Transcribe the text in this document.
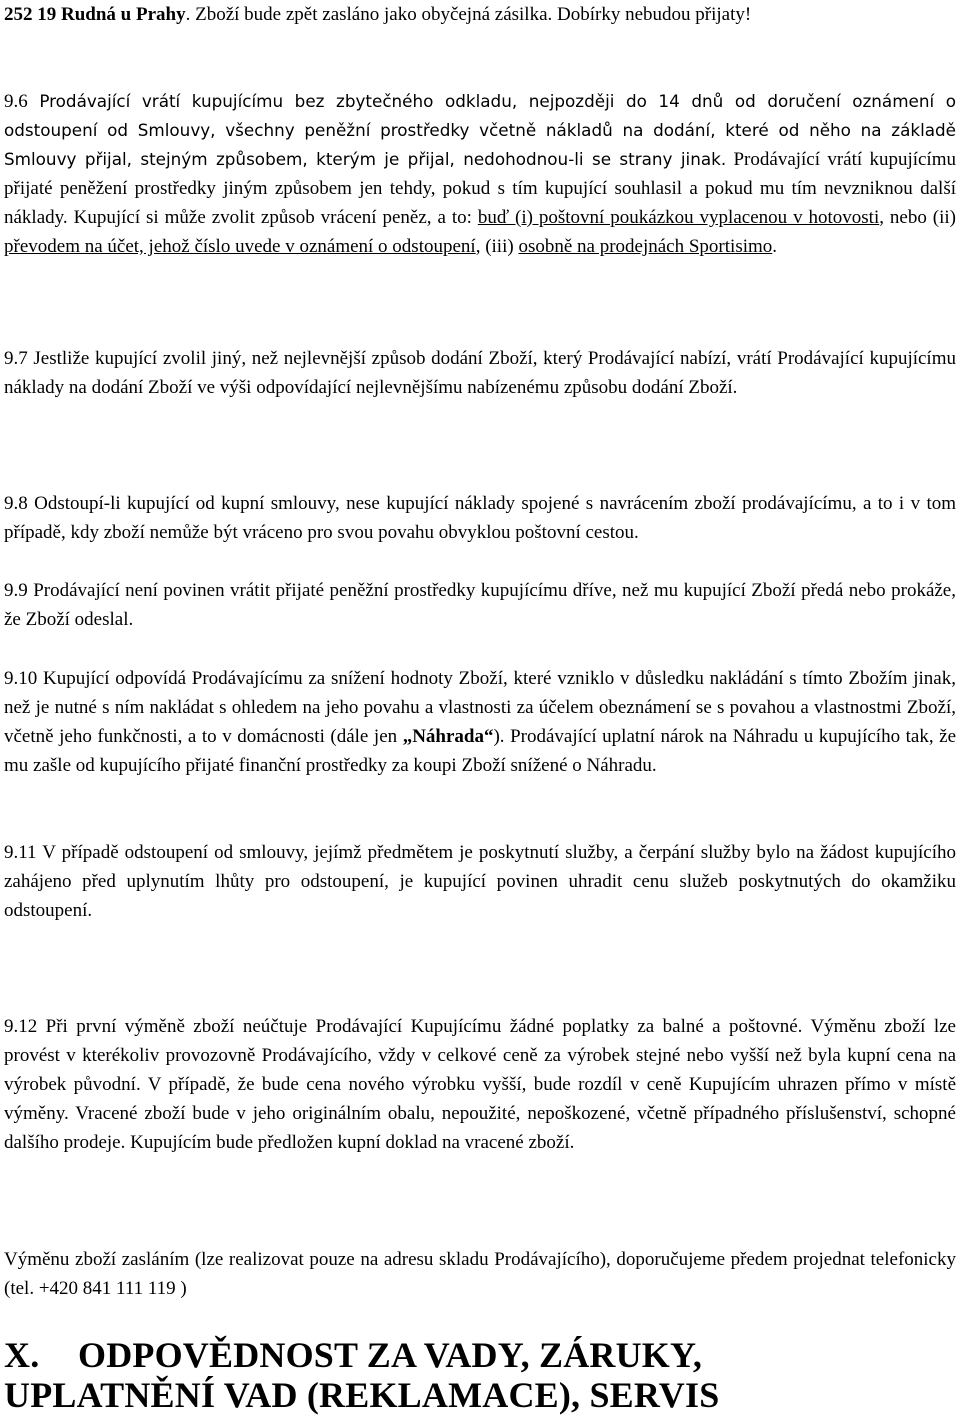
252 19 Rudná u Prahy. Zboží bude zpět zasláno jako obyčejná zásilka. Dobírky nebudou přijaty!

9.6 Prodávající vrátí kupujícímu bez zbytečného odkladu, nejpozději do 14 dnů od doručení oznámení o odstoupení od Smlouvy, všechny peněžní prostředky včetně nákladů na dodání, které od něho na základě Smlouvy přijal, stejným způsobem, kterým je přijal, nedohodnou-li se strany jinak. Prodávající vrátí kupujícímu přijaté peněžení prostředky jiným způsobem jen tehdy, pokud s tím kupující souhlasil a pokud mu tím nevzniknou další náklady. Kupující si může zvolit způsob vrácení peněz, a to: buď (i) poštovní poukázkou vyplacenou v hotovosti, nebo (ii) převodem na účet, jehož číslo uvede v oznámení o odstoupení, (iii) osobně na prodejnách Sportisimo.

9.7 Jestliže kupující zvolil jiný, než nejlevnější způsob dodání Zboží, který Prodávající nabízí, vrátí Prodávající kupujícímu náklady na dodání Zboží ve výši odpovídající nejlevnějšímu nabízenému způsobu dodání Zboží.

9.8 Odstoupí-li kupující od kupní smlouvy, nese kupující náklady spojené s navrácením zboží prodávajícímu, a to i v tom případě, kdy zboží nemůže být vráceno pro svou povahu obvyklou poštovní cestou.

9.9 Prodávající není povinen vrátit přijaté peněžní prostředky kupujícímu dříve, než mu kupující Zboží předá nebo prokáže, že Zboží odeslal.

9.10 Kupující odpovídá Prodávajícímu za snížení hodnoty Zboží, které vzniklo v důsledku nakládání s tímto Zbožím jinak, než je nutné s ním nakládat s ohledem na jeho povahu a vlastnosti za účelem obeznámení se s povahou a vlastnostmi Zboží, včetně jeho funkčnosti, a to v domácnosti (dále jen „Náhrada“). Prodávající uplatní nárok na Náhradu u kupujícího tak, že mu zašle od kupujícího přijaté finanční prostředky za koupi Zboží snížené o Náhradu.

9.11 V případě odstoupení od smlouvy, jejímž předmětem je poskytnutí služby, a čerpání služby bylo na žádost kupujícího zahájeno před uplynutím lhůty pro odstoupení, je kupující povinen uhradit cenu služeb poskytnutých do okamžiku odstoupení.

9.12 Při první výměně zboží neúčtuje Prodávající Kupujícímu žádné poplatky za balné a poštovné. Výměnu zboží lze provést v kterékoliv provozovně Prodávajícího, vždy v celkové ceně za výrobek stejné nebo vyšší než byla kupní cena na výrobek původní. V případě, že bude cena nového výrobku vyšší, bude rozdíl v ceně Kupujícím uhrazen přímo v místě výměny. Vracené zboží bude v jeho originálním obalu, nepoužité, nepoškozené, včetně případného příslušenství, schopné dalšího prodeje. Kupujícím bude předložen kupní doklad na vracené zboží.

Výměnu zboží zasláním (lze realizovat pouze na adresu skladu Prodávajícího), doporučujeme předem projednat telefonicky (tel. +420 841 111 119 )

X. ODPOVĚDNOST ZA VADY, ZÁRUKY,
UPLATNĚNÍ VAD (REKLAMACE), SERVIS
